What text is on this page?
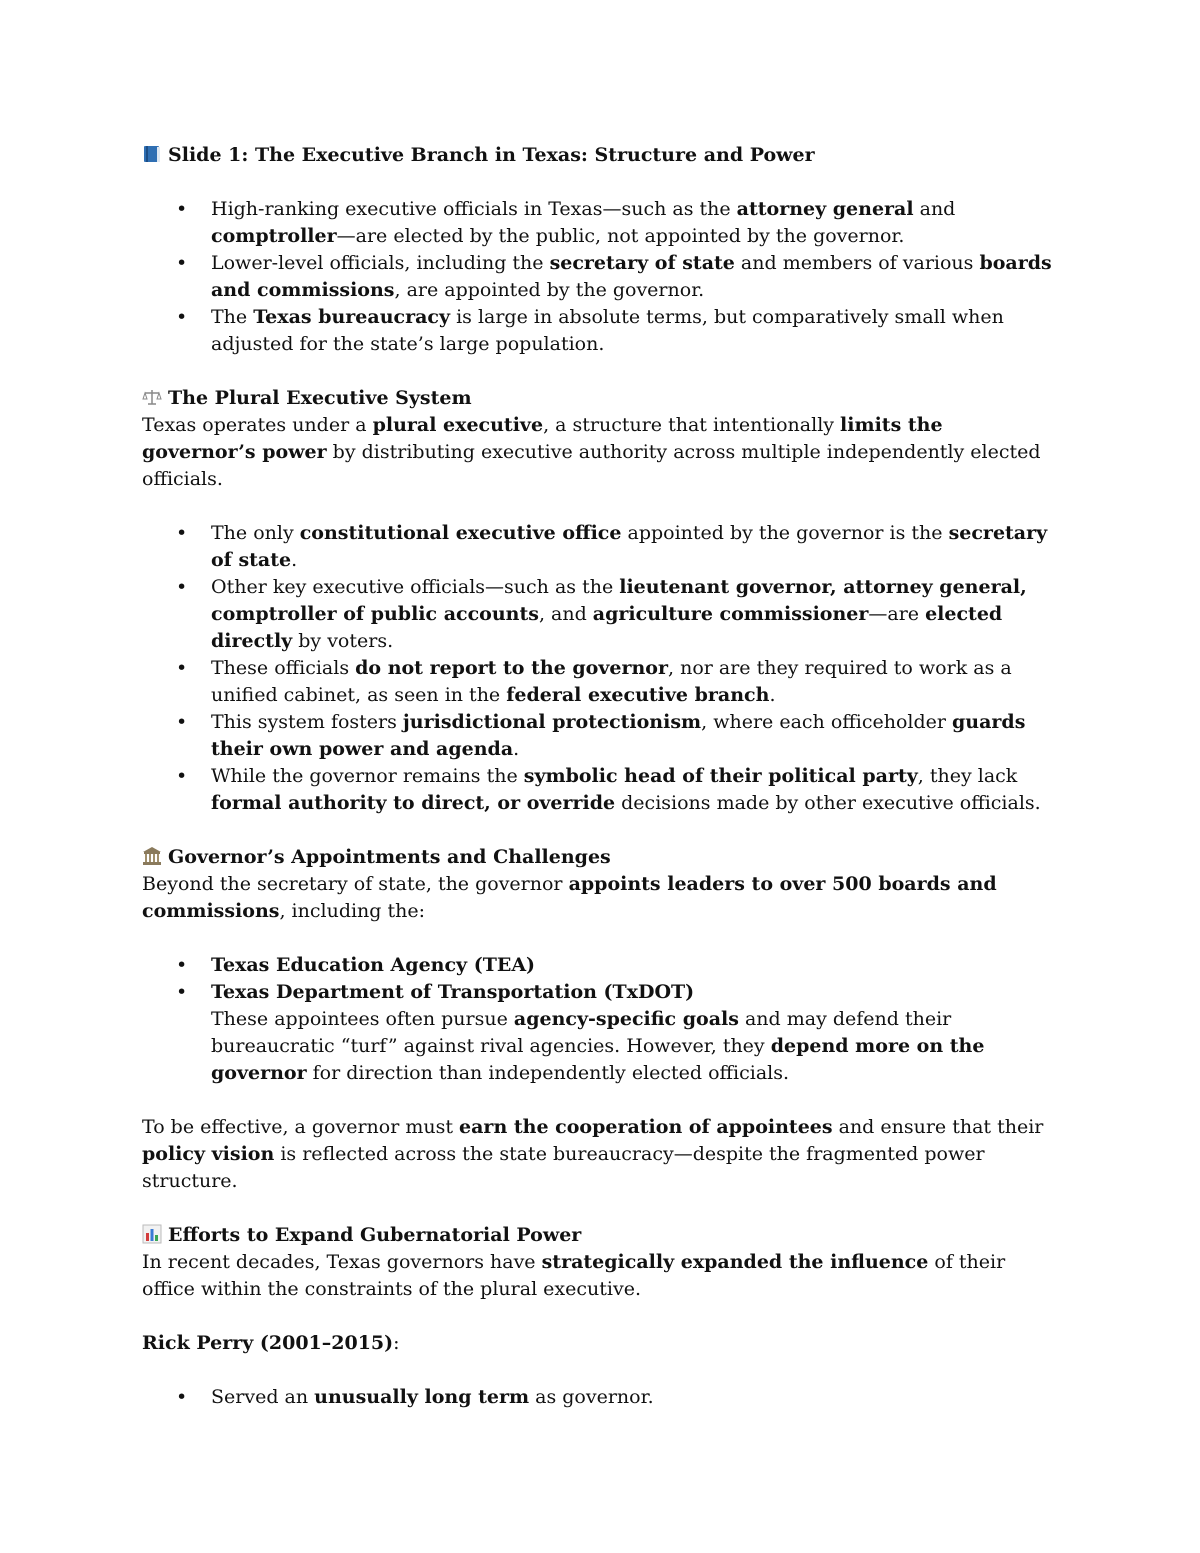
Slide 1: The Executive Branch in Texas: Structure and Power

• High-ranking executive officials in Texas—such as the attorney general and comptroller—are elected by the public, not appointed by the governor.
• Lower-level officials, including the secretary of state and members of various boards and commissions, are appointed by the governor.
• The Texas bureaucracy is large in absolute terms, but comparatively small when adjusted for the state’s large population.

The Plural Executive System

Texas operates under a plural executive, a structure that intentionally limits the governor’s power by distributing executive authority across multiple independently elected officials.

• The only constitutional executive office appointed by the governor is the secretary of state.
• Other key executive officials—such as the lieutenant governor, attorney general, comptroller of public accounts, and agriculture commissioner—are elected directly by voters.
• These officials do not report to the governor, nor are they required to work as a unified cabinet, as seen in the federal executive branch.
• This system fosters jurisdictional protectionism, where each officeholder guards their own power and agenda.
• While the governor remains the symbolic head of their political party, they lack formal authority to direct, or override decisions made by other executive officials.

Governor’s Appointments and Challenges

Beyond the secretary of state, the governor appoints leaders to over 500 boards and commissions, including the:

• Texas Education Agency (TEA)
• Texas Department of Transportation (TxDOT)
These appointees often pursue agency-specific goals and may defend their bureaucratic “turf” against rival agencies. However, they depend more on the governor for direction than independently elected officials.

To be effective, a governor must earn the cooperation of appointees and ensure that their policy vision is reflected across the state bureaucracy—despite the fragmented power structure.

Efforts to Expand Gubernatorial Power

In recent decades, Texas governors have strategically expanded the influence of their office within the constraints of the plural executive.

Rick Perry (2001–2015):

• Served an unusually long term as governor.
